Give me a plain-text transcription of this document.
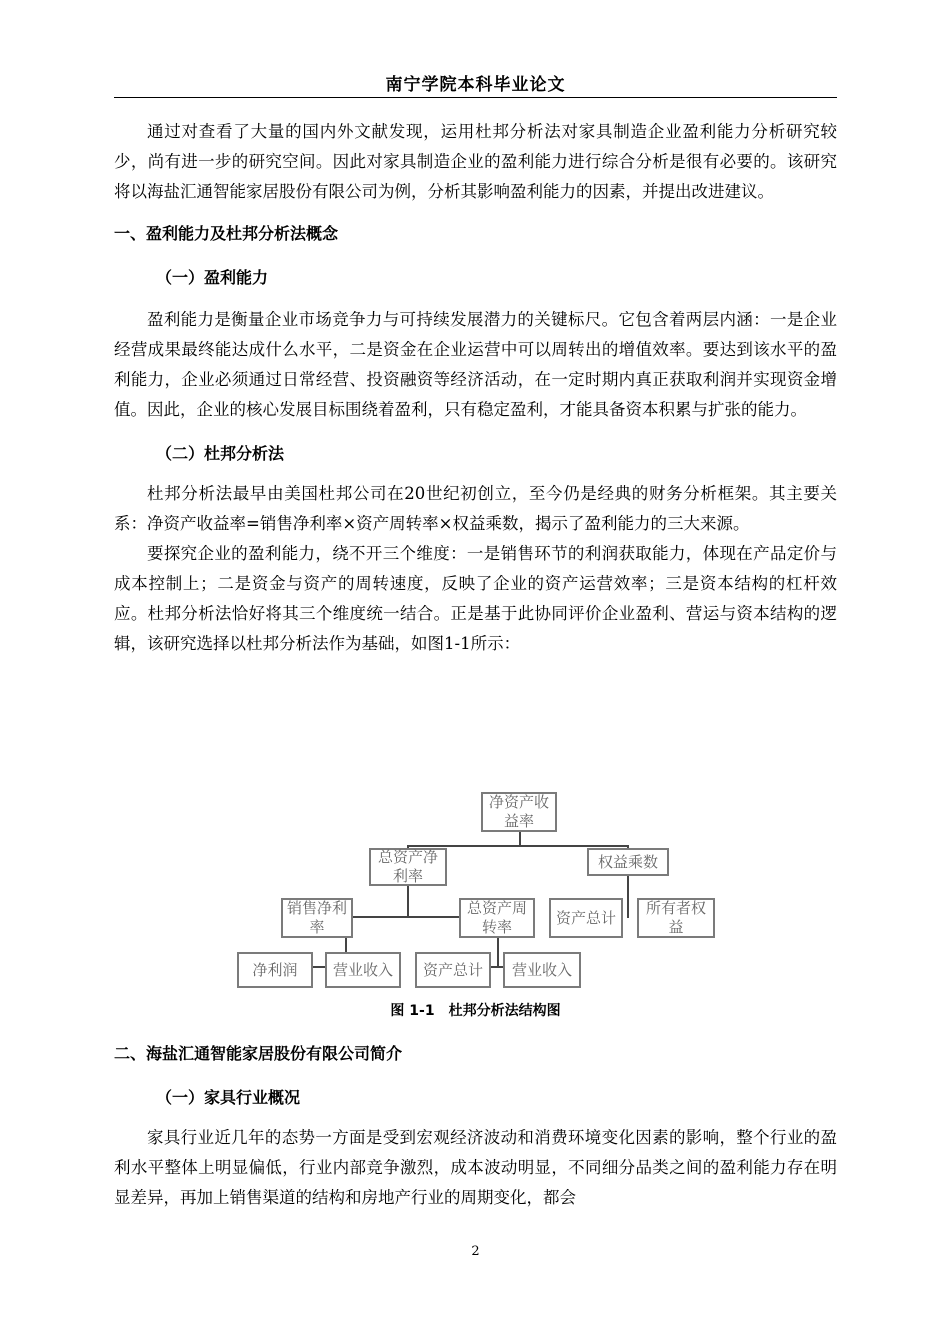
南宁学院本科毕业论文

通过对查看了大量的国内外文献发现，运用杜邦分析法对家具制造企业盈利能力分析研究较少，尚有进一步的研究空间。因此对家具制造企业的盈利能力进行综合分析是很有必要的。该研究将以海盐汇通智能家居股份有限公司为例，分析其影响盈利能力的因素，并提出改进建议。

一、盈利能力及杜邦分析法概念

（一）盈利能力

盈利能力是衡量企业市场竞争力与可持续发展潜力的关键标尺。它包含着两层内涵：一是企业经营成果最终能达成什么水平，二是资金在企业运营中可以周转出的增值效率。要达到该水平的盈利能力，企业必须通过日常经营、投资融资等经济活动，在一定时期内真正获取利润并实现资金增值。因此，企业的核心发展目标围绕着盈利，只有稳定盈利，才能具备资本积累与扩张的能力。

（二）杜邦分析法

杜邦分析法最早由美国杜邦公司在20世纪初创立，至今仍是经典的财务分析框架。其主要关系：净资产收益率=销售净利率×资产周转率×权益乘数，揭示了盈利能力的三大来源。

要探究企业的盈利能力，绕不开三个维度：一是销售环节的利润获取能力，体现在产品定价与成本控制上；二是资金与资产的周转速度，反映了企业的资产运营效率；三是资本结构的杠杆效应。杜邦分析法恰好将其三个维度统一结合。正是基于此协同评价企业盈利、营运与资本结构的逻辑，该研究选择以杜邦分析法作为基础，如图1-1所示：

净资产收益率
总资产净利率
权益乘数
销售净利率
总资产周转率
资产总计
所有者权益
净利润	营业收入	资产总计	营业收入
图 1-1　杜邦分析法结构图

二、海盐汇通智能家居股份有限公司简介

（一）家具行业概况

家具行业近几年的态势一方面是受到宏观经济波动和消费环境变化因素的影响，整个行业的盈利水平整体上明显偏低，行业内部竞争激烈，成本波动明显，不同细分品类之间的盈利能力存在明显差异，再加上销售渠道的结构和房地产行业的周期变化，都会

2
